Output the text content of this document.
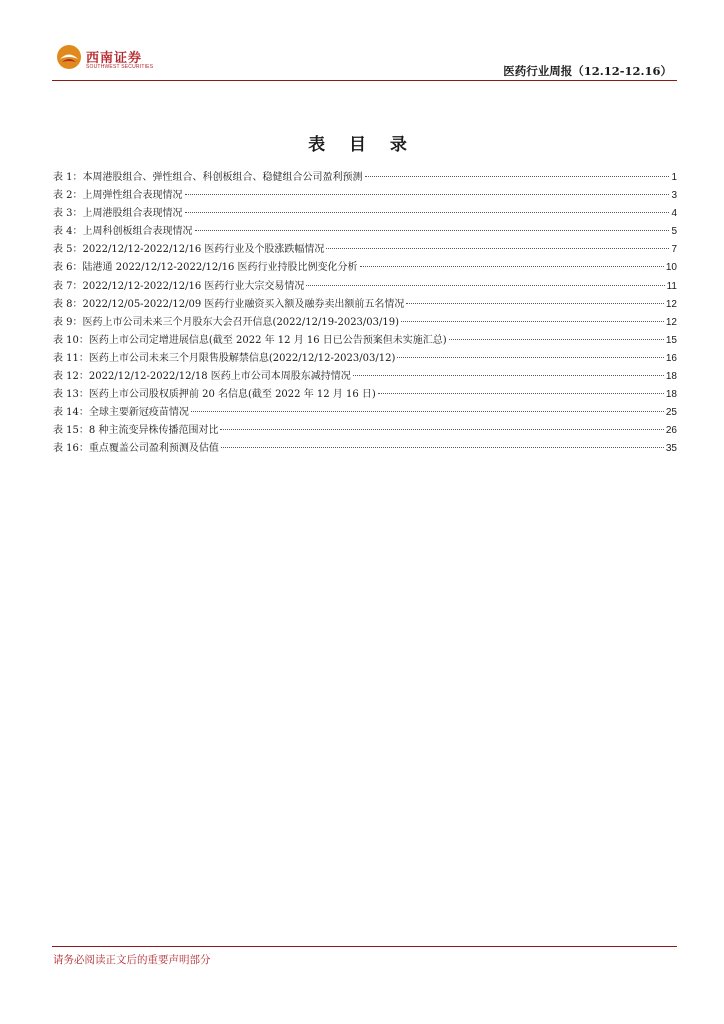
西南证券
SOUTHWEST SECURITIES	医药行业周报（12.12-12.16）
表 目 录
表 1： 本周港股组合、弹性组合、科创板组合、稳健组合公司盈利预测	1
表 2： 上周弹性组合表现情况	3
表 3： 上周港股组合表现情况	4
表 4： 上周科创板组合表现情况	5
表 5： 2022/12/12-2022/12/16 医药行业及个股涨跌幅情况	7
表 6： 陆港通 2022/12/12-2022/12/16 医药行业持股比例变化分析	10
表 7： 2022/12/12-2022/12/16 医药行业大宗交易情况	11
表 8： 2022/12/05-2022/12/09 医药行业融资买入额及融券卖出额前五名情况	12
表 9： 医药上市公司未来三个月股东大会召开信息(2022/12/19-2023/03/19)	12
表 10： 医药上市公司定增进展信息(截至 2022 年 12 月 16 日已公告预案但未实施汇总)	15
表 11： 医药上市公司未来三个月限售股解禁信息(2022/12/12-2023/03/12)	16
表 12： 2022/12/12-2022/12/18 医药上市公司本周股东减持情况	18
表 13： 医药上市公司股权质押前 20 名信息(截至 2022 年 12 月 16 日)	18
表 14： 全球主要新冠疫苗情况	25
表 15： 8 种主流变异株传播范围对比	26
表 16： 重点覆盖公司盈利预测及估值	35
请务必阅读正文后的重要声明部分
